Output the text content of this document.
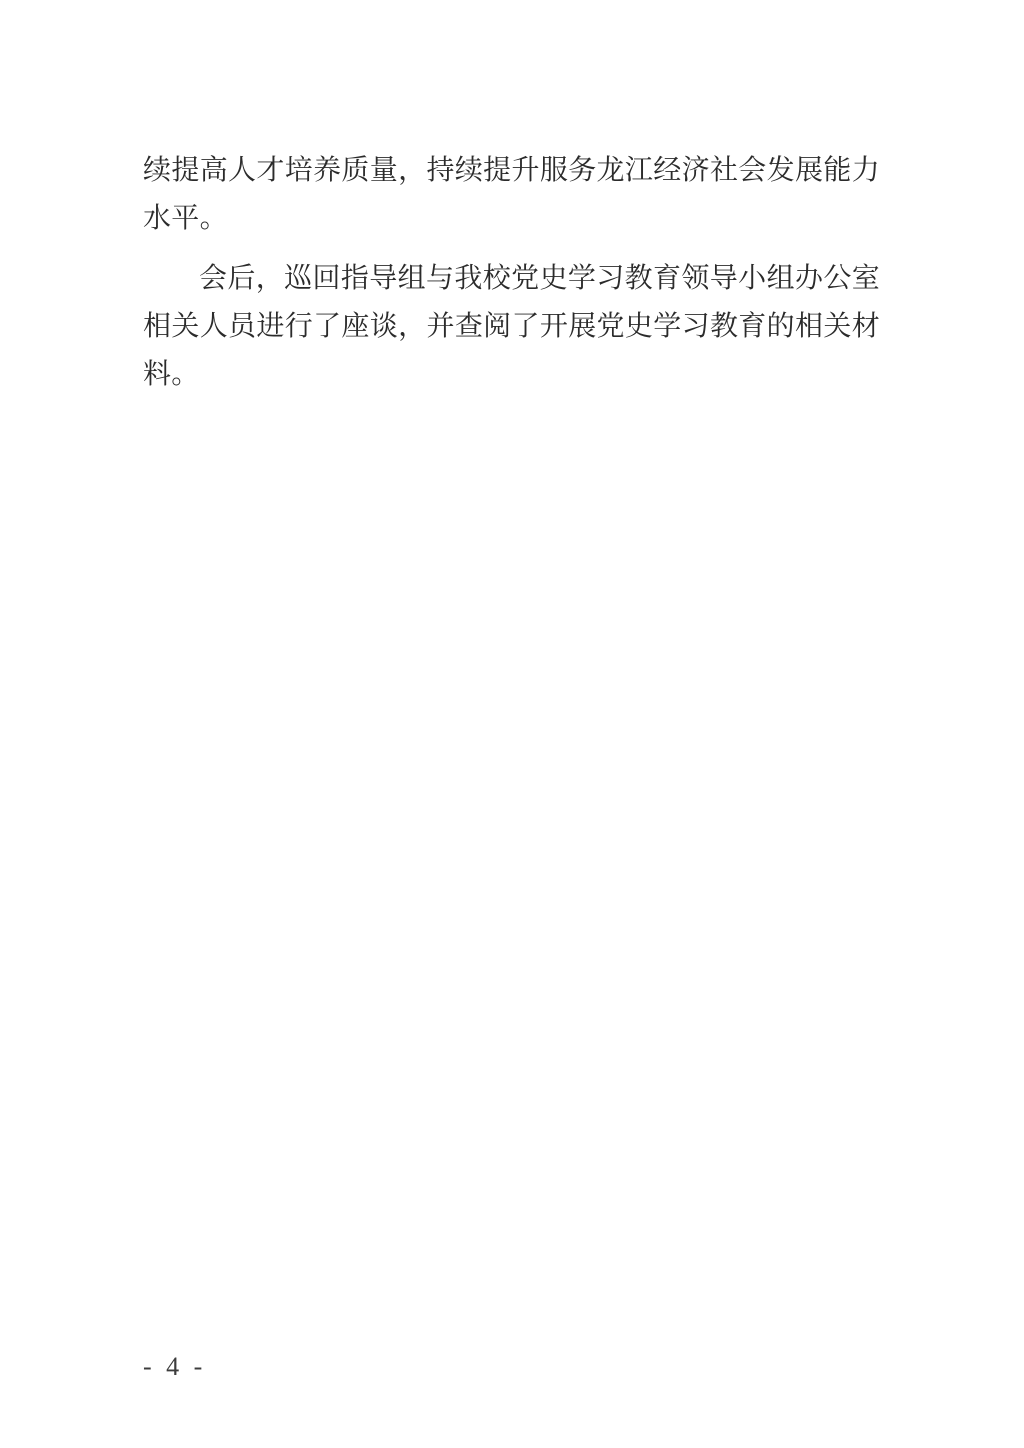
续提高人才培养质量，持续提升服务龙江经济社会发展能力水平。

会后，巡回指导组与我校党史学习教育领导小组办公室相关人员进行了座谈，并查阅了开展党史学习教育的相关材料。

- 4 -
